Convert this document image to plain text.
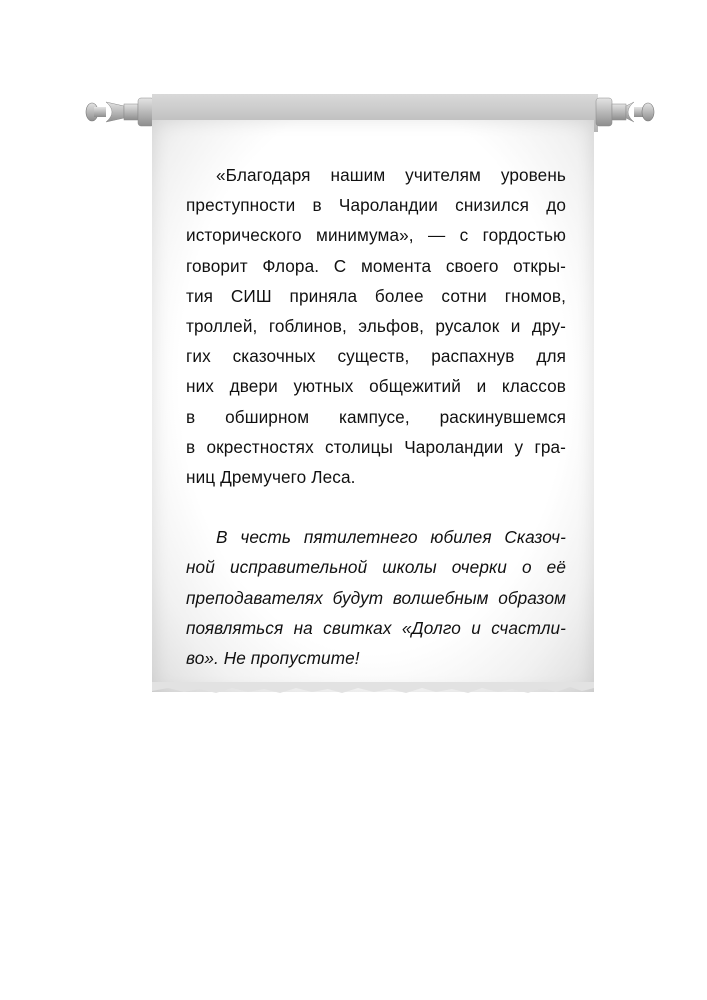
«Благодаря нашим учителям уровень
преступности в Чароландии снизился до
исторического минимума», — с гордостью
говорит Флора. С момента своего откры-
тия СИШ приняла более сотни гномов,
троллей, гоблинов, эльфов, русалок и дру-
гих сказочных существ, распахнув для
них двери уютных общежитий и классов
в обширном кампусе, раскинувшемся
в окрестностях столицы Чароландии у гра-
ниц Дремучего Леса.
В честь пятилетнего юбилея Сказоч-
ной исправительной школы очерки о её
преподавателях будут волшебным образом
появляться на свитках «Долго и счастли-
во». Не пропустите!
